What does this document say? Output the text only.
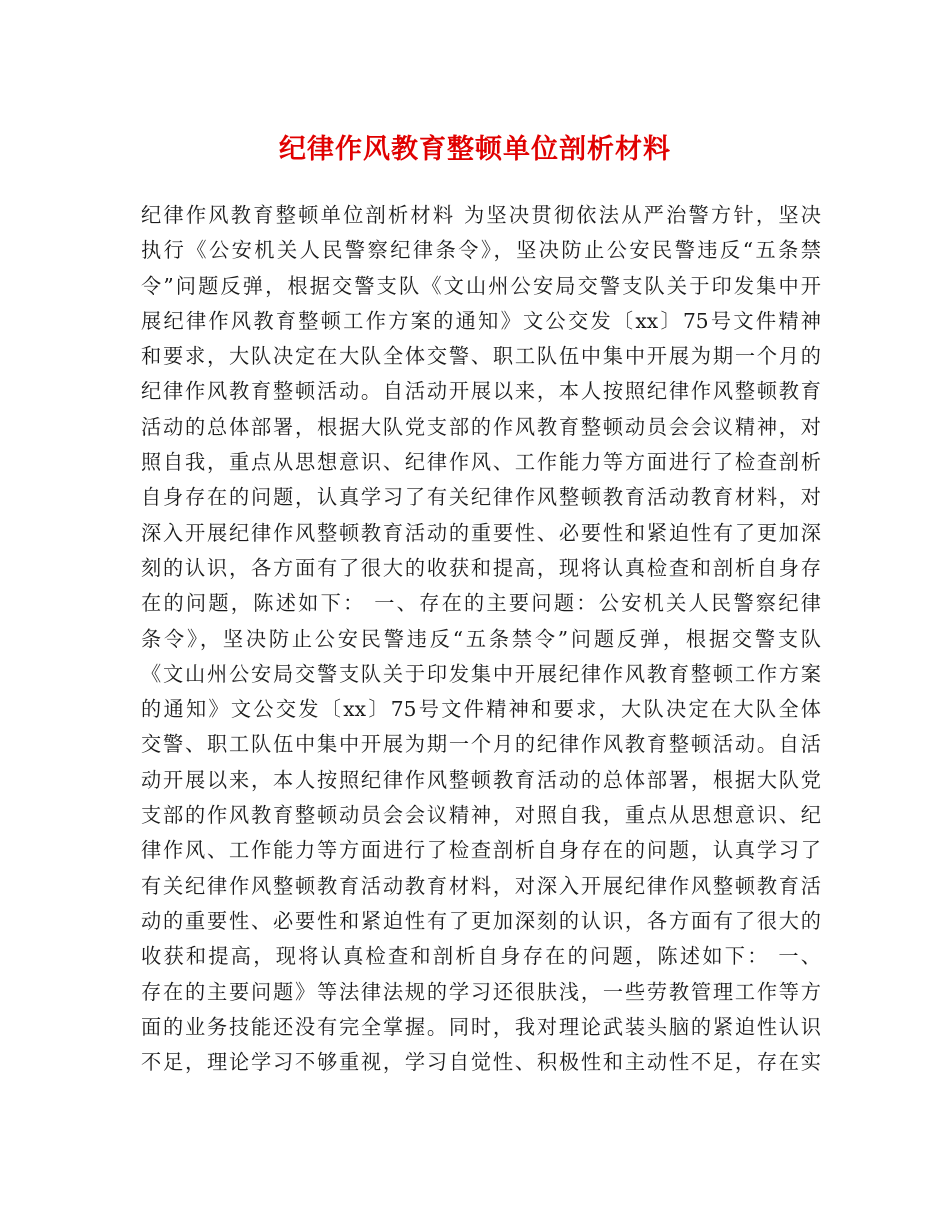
纪律作风教育整顿单位剖析材料
纪律作风教育整顿单位剖析材料 为坚决贯彻依法从严治警方针，坚决
执行《公安机关人民警察纪律条令》，坚决防止公安民警违反“五条禁
令”问题反弹，根据交警支队《文山州公安局交警支队关于印发集中开
展纪律作风教育整顿工作方案的通知》文公交发〔xx〕75号文件精神
和要求，大队决定在大队全体交警、职工队伍中集中开展为期一个月的
纪律作风教育整顿活动。自活动开展以来，本人按照纪律作风整顿教育
活动的总体部署，根据大队党支部的作风教育整顿动员会会议精神，对
照自我，重点从思想意识、纪律作风、工作能力等方面进行了检查剖析
自身存在的问题，认真学习了有关纪律作风整顿教育活动教育材料，对
深入开展纪律作风整顿教育活动的重要性、必要性和紧迫性有了更加深
刻的认识，各方面有了很大的收获和提高，现将认真检查和剖析自身存
在的问题，陈述如下： 一、存在的主要问题：公安机关人民警察纪律
条令》，坚决防止公安民警违反“五条禁令”问题反弹，根据交警支队
《文山州公安局交警支队关于印发集中开展纪律作风教育整顿工作方案
的通知》文公交发〔xx〕75号文件精神和要求，大队决定在大队全体
交警、职工队伍中集中开展为期一个月的纪律作风教育整顿活动。自活
动开展以来，本人按照纪律作风整顿教育活动的总体部署，根据大队党
支部的作风教育整顿动员会会议精神，对照自我，重点从思想意识、纪
律作风、工作能力等方面进行了检查剖析自身存在的问题，认真学习了
有关纪律作风整顿教育活动教育材料，对深入开展纪律作风整顿教育活
动的重要性、必要性和紧迫性有了更加深刻的认识，各方面有了很大的
收获和提高，现将认真检查和剖析自身存在的问题，陈述如下： 一、
存在的主要问题》等法律法规的学习还很肤浅，一些劳教管理工作等方
面的业务技能还没有完全掌握。同时，我对理论武装头脑的紧迫性认识
不足，理论学习不够重视，学习自觉性、积极性和主动性不足，存在实
